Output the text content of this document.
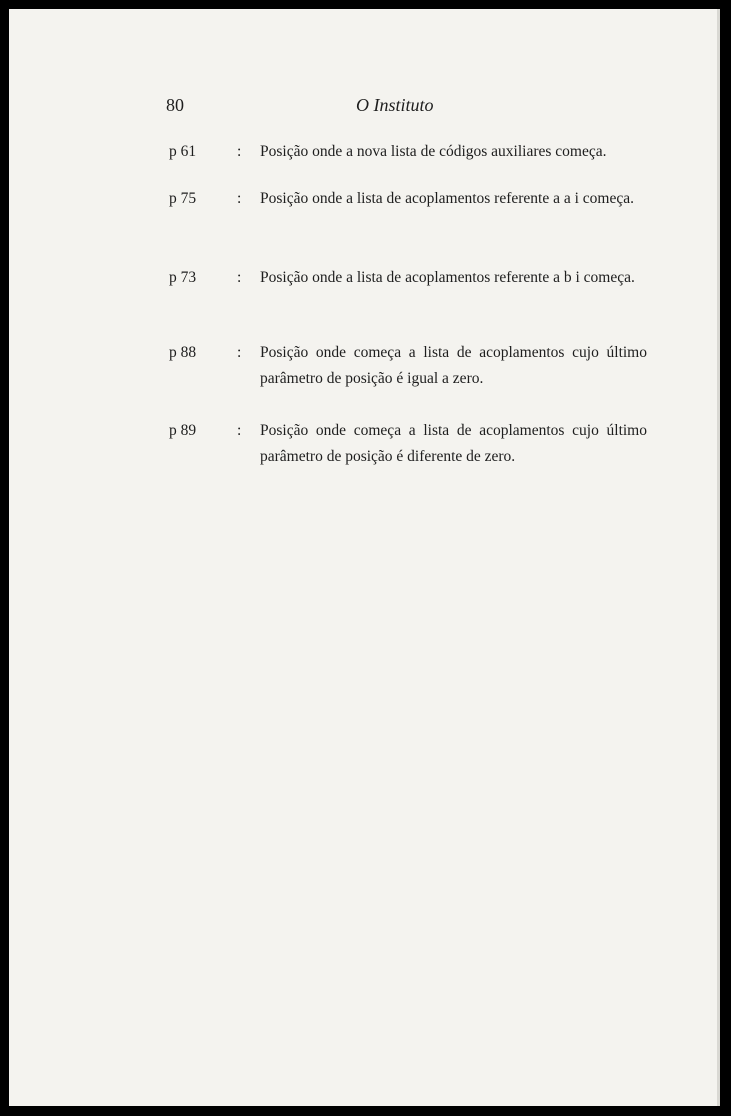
80	O Instituto
p 61	: Posição onde a nova lista de códigos auxiliares começa.
p 75	: Posição onde a lista de acoplamentos referente a a i começa.
p 73	: Posição onde a lista de acoplamentos referente a b i começa.
p 88	: Posição onde começa a lista de acoplamentos cujo último parâmetro de posição é igual a zero.
p 89	: Posição onde começa a lista de acoplamentos cujo último parâmetro de posição é diferente de zero.
